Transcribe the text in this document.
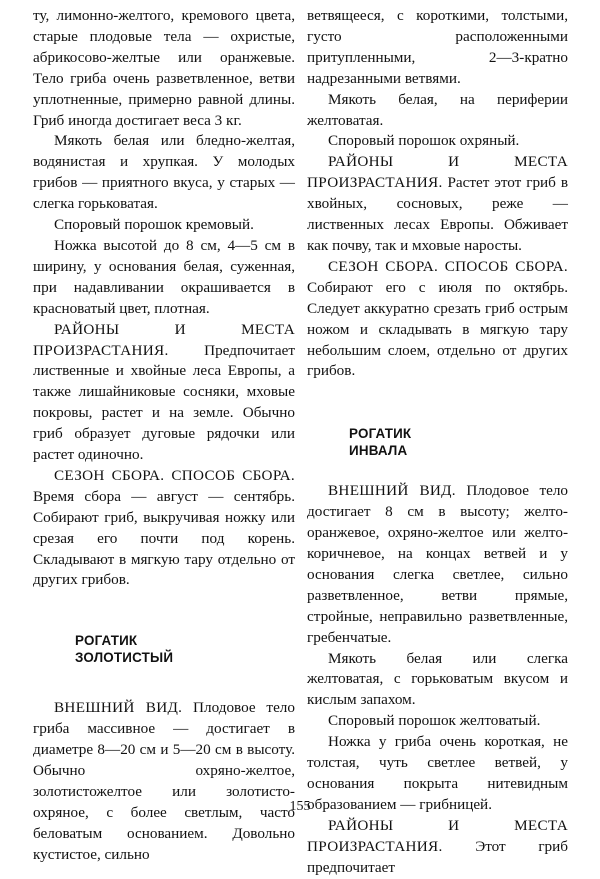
ту, лимонно-желтого, кремового цвета, старые плодовые тела — охристые, абрикосово-желтые или оранжевые. Тело гриба очень разветвленное, ветви уплотненные, примерно равной длины. Гриб иногда достигает веса 3 кг.

Мякоть белая или бледно-желтая, водянистая и хрупкая. У молодых грибов — приятного вкуса, у старых — слегка горьковатая.

Споровый порошок кремовый.

Ножка высотой до 8 см, 4—5 см в ширину, у основания белая, суженная, при надавливании окрашивается в красноватый цвет, плотная.

РАЙОНЫ И МЕСТА ПРОИЗРАСТАНИЯ. Предпочитает лиственные и хвойные леса Европы, а также лишайниковые сосняки, мховые покровы, растет и на земле. Обычно гриб образует дуговые рядочки или растет одиночно.

СЕЗОН СБОРА. СПОСОБ СБОРА. Время сбора — август — сентябрь. Собирают гриб, выкручивая ножку или срезая его почти под корень. Складывают в мягкую тару отдельно от других грибов.

РОГАТИК
ЗОЛОТИСТЫЙ

ВНЕШНИЙ ВИД. Плодовое тело гриба массивное — достигает в диаметре 8—20 см и 5—20 см в высоту. Обычно охряно-желтое, золотистожелтое или золотисто-охряное, с более светлым, часто беловатым основанием. Довольно кустистое, сильно

ветвящееся, с короткими, толстыми, густо расположенными притупленными, 2—3-кратно надрезанными ветвями.

Мякоть белая, на периферии желтоватая.

Споровый порошок охряный.

РАЙОНЫ И МЕСТА ПРОИЗРАСТАНИЯ. Растет этот гриб в хвойных, сосновых, реже — лиственных лесах Европы. Обживает как почву, так и мховые наросты.

СЕЗОН СБОРА. СПОСОБ СБОРА. Собирают его с июля по октябрь. Следует аккуратно срезать гриб острым ножом и складывать в мягкую тару небольшим слоем, отдельно от других грибов.

РОГАТИК
ИНВАЛА

ВНЕШНИЙ ВИД. Плодовое тело достигает 8 см в высоту; желто-оранжевое, охряно-желтое или желто-коричневое, на концах ветвей и у основания слегка светлее, сильно разветвленное, ветви прямые, стройные, неправильно разветвленные, гребенчатые.

Мякоть белая или слегка желтоватая, с горьковатым вкусом и кислым запахом.

Споровый порошок желтоватый.

Ножка у гриба очень короткая, не толстая, чуть светлее ветвей, у основания покрыта нитевидным образованием — грибницей.

РАЙОНЫ И МЕСТА ПРОИЗРАСТАНИЯ. Этот гриб предпочитает

155
